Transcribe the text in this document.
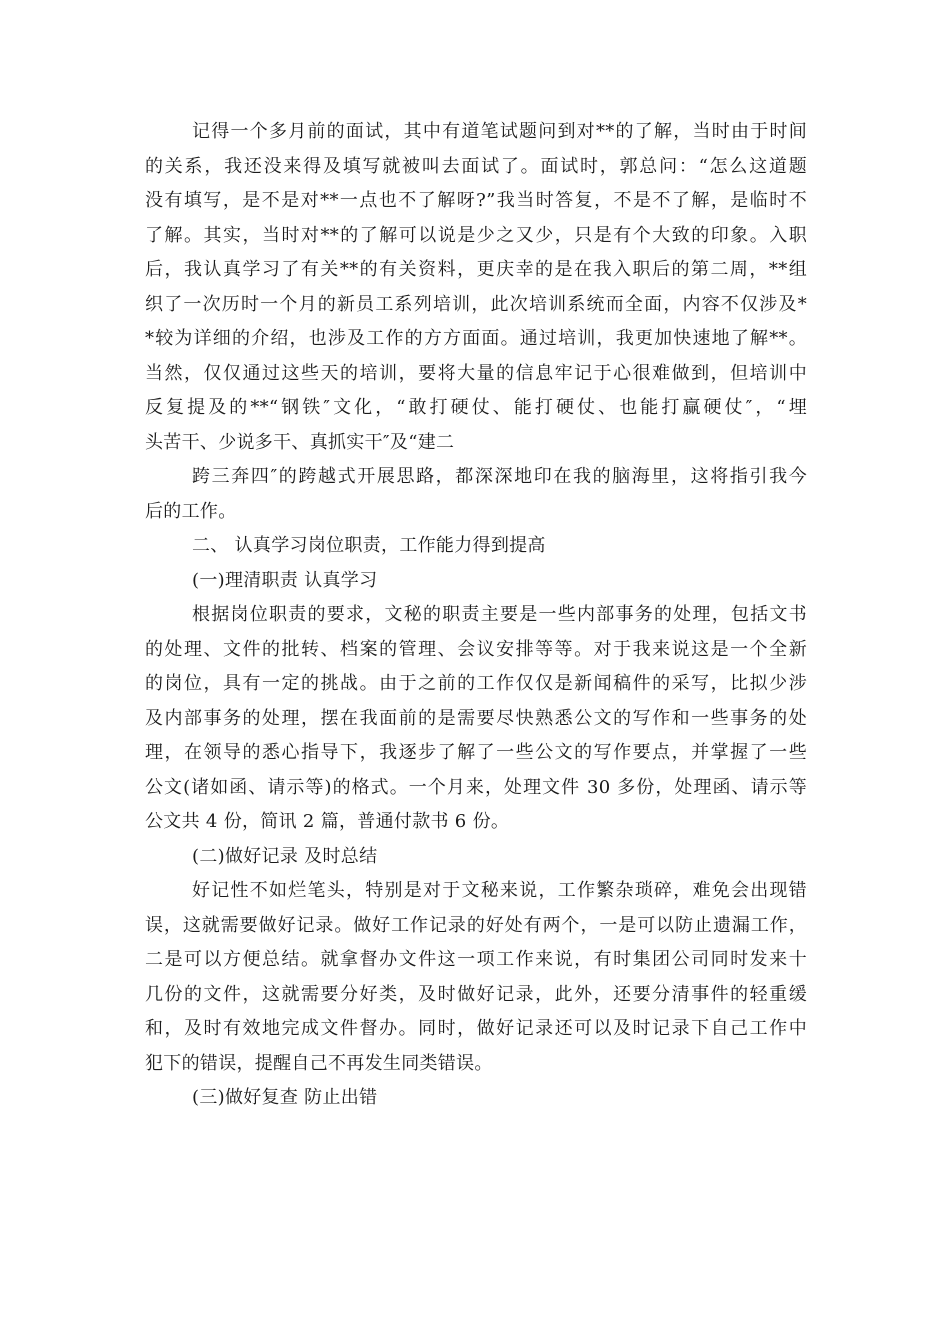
记得一个多月前的面试，其中有道笔试题问到对**的了解，当时由于时间
的关系，我还没来得及填写就被叫去面试了。面试时，郭总问：“怎么这道题
没有填写，是不是对**一点也不了解呀?”我当时答复，不是不了解，是临时不
了解。其实，当时对**的了解可以说是少之又少，只是有个大致的印象。入职
后，我认真学习了有关**的有关资料，更庆幸的是在我入职后的第二周，**组
织了一次历时一个月的新员工系列培训，此次培训系统而全面，内容不仅涉及*
*较为详细的介绍，也涉及工作的方方面面。通过培训，我更加快速地了解**。
当然，仅仅通过这些天的培训，要将大量的信息牢记于心很难做到，但培训中
反复提及的**“钢铁″文化，“敢打硬仗、能打硬仗、也能打赢硬仗″，“埋
头苦干、少说多干、真抓实干″及“建二
跨三奔四″的跨越式开展思路，都深深地印在我的脑海里，这将指引我今
后的工作。
二、 认真学习岗位职责，工作能力得到提高
(一)理清职责 认真学习
根据岗位职责的要求，文秘的职责主要是一些内部事务的处理，包括文书
的处理、文件的批转、档案的管理、会议安排等等。对于我来说这是一个全新
的岗位，具有一定的挑战。由于之前的工作仅仅是新闻稿件的采写，比拟少涉
及内部事务的处理，摆在我面前的是需要尽快熟悉公文的写作和一些事务的处
理，在领导的悉心指导下，我逐步了解了一些公文的写作要点，并掌握了一些
公文(诸如函、请示等)的格式。一个月来，处理文件 30 多份，处理函、请示等
公文共 4 份，简讯 2 篇，普通付款书 6 份。
(二)做好记录 及时总结
好记性不如烂笔头，特别是对于文秘来说，工作繁杂琐碎，难免会出现错
误，这就需要做好记录。做好工作记录的好处有两个，一是可以防止遗漏工作，
二是可以方便总结。就拿督办文件这一项工作来说，有时集团公司同时发来十
几份的文件，这就需要分好类，及时做好记录，此外，还要分清事件的轻重缓
和，及时有效地完成文件督办。同时，做好记录还可以及时记录下自己工作中
犯下的错误，提醒自己不再发生同类错误。
(三)做好复查 防止出错
